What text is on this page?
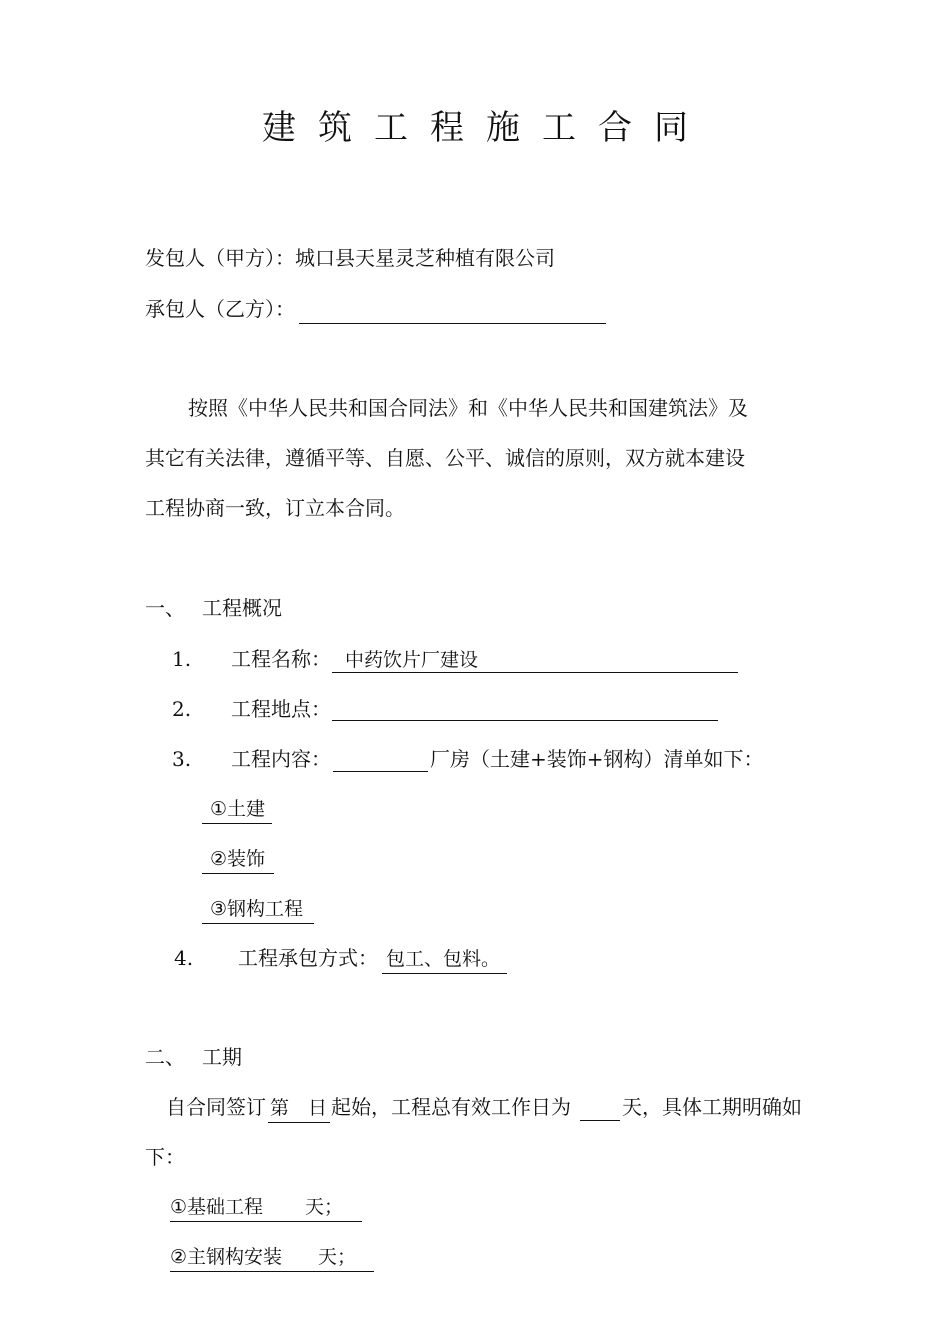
建筑工程施工合同
发包人（甲方）：城口县天星灵芝种植有限公司
承包人（乙方）：
按照《中华人民共和国合同法》和《中华人民共和国建筑法》及
其它有关法律，遵循平等、自愿、公平、诚信的原则，双方就本建设
工程协商一致，订立本合同。
一、 工程概况
1. 工程名称： 中药饮片厂建设
2. 工程地点：
3. 工程内容：	厂房（土建+装饰+钢构）清单如下：
①土建
②装饰
③钢构工程
4. 工程承包方式： 包工、包料。
二、 工期
自合同签订 第　日 起始，工程总有效工作日为	天，具体工期明确如
下：
①基础工程 天；
②主钢构安装 天；
